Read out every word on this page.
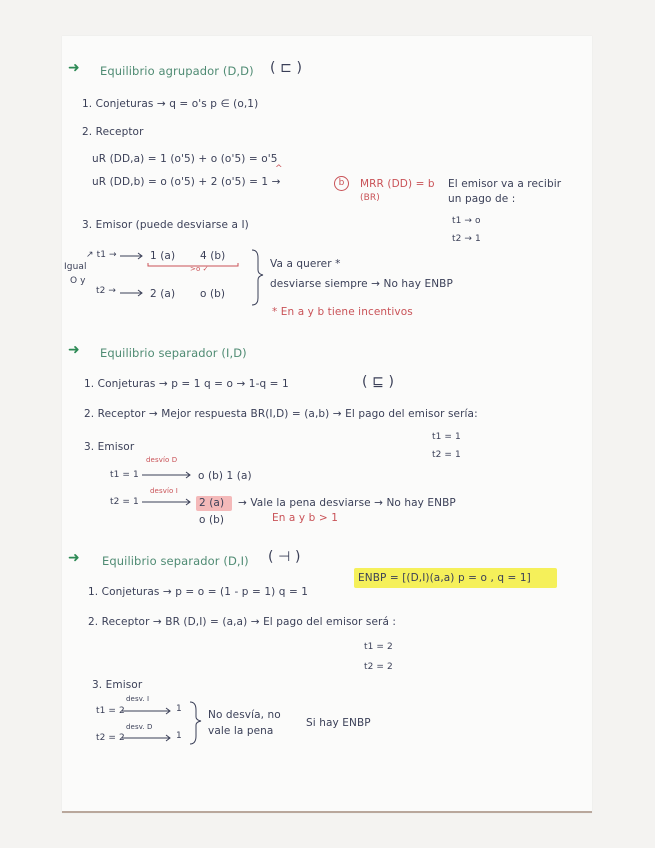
➜ Equilibrio agrupador (D,D) ( ⊏ )
1. Conjeturas → q = o's p ∈ (o,1)
2. Receptor
uR (DD,a) = 1 (o'5) + o (o'5) = o'5
^
uR (DD,b) = o (o'5) + 2 (o'5) = 1 →	b	MRR (DD) = b
(BR)
El emisor va a recibir
un pago de :
t1 → o
t2 → 1
3. Emisor (puede desviarse a I)
↗ t1 →
Igual
O y
t2 →
1 (a) 4 (b)
>o ✓
2 (a) o (b)
Va a querer *
desviarse siempre → No hay ENBP
* En a y b tiene incentivos
➜ Equilibrio separador (I,D)
1. Conjeturas → p = 1 q = o → 1-q = 1	( ⊑ )
2. Receptor → Mejor respuesta BR(I,D) = (a,b) → El pago del emisor sería:
t1 = 1
t2 = 1
3. Emisor
desvío D
t1 = 1	o (b) 1 (a)
desvío I
t2 = 1	2 (a) → Vale la pena desviarse → No hay ENBP
o (b)	En a y b > 1
➜ Equilibrio separador (D,I) ( ⊣ )
1. Conjeturas → p = o = (1 - p = 1) q = 1
ENBP = [(D,I)(a,a) p = o , q = 1]
2. Receptor → BR (D,I) = (a,a) → El pago del emisor será :
t1 = 2
t2 = 2
3. Emisor
desv. I
t1 = 2	1
desv. D
t2 = 2	1
No desvía, no
vale la pena
Si hay ENBP
